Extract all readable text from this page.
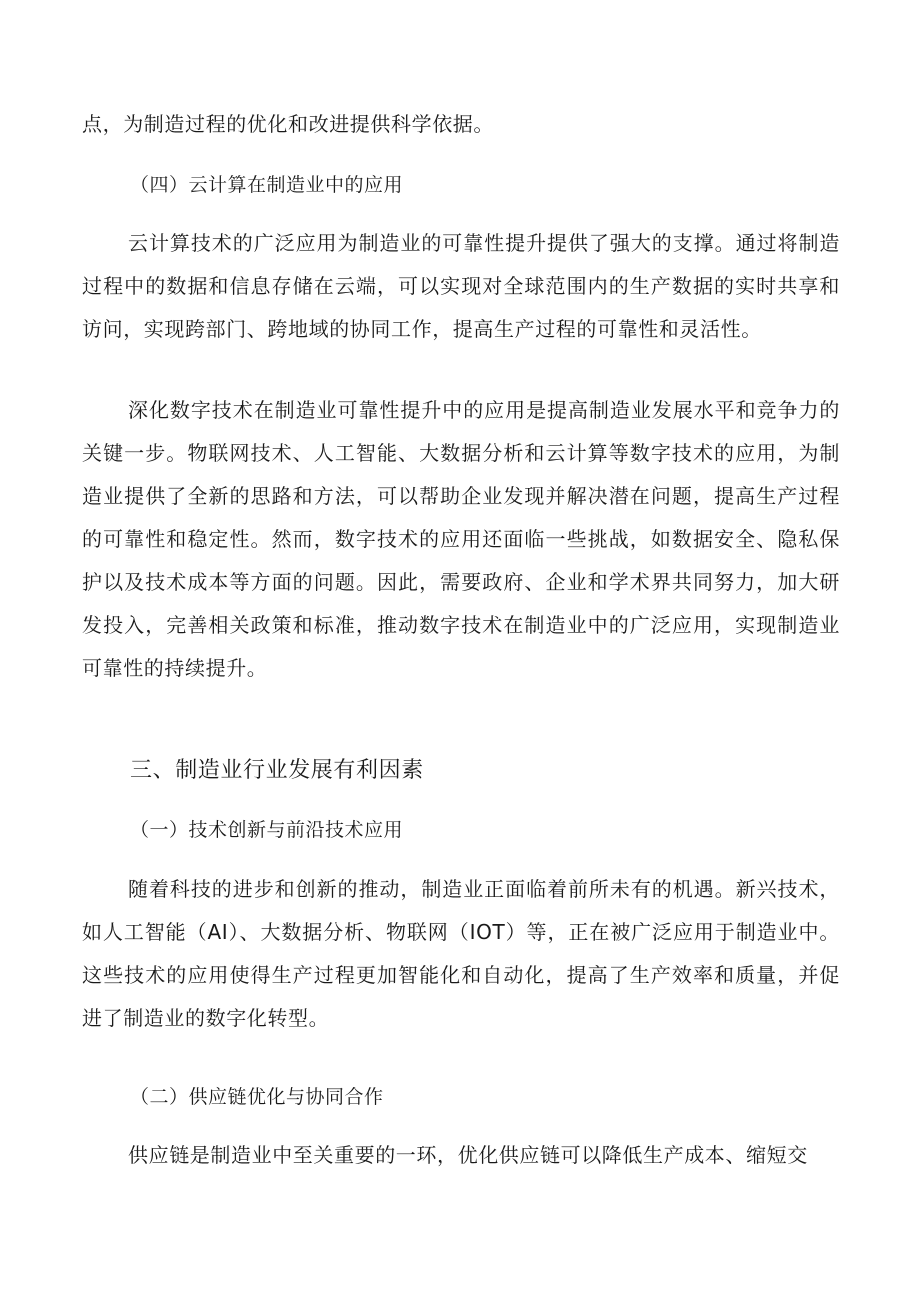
点，为制造过程的优化和改进提供科学依据。

（四）云计算在制造业中的应用

云计算技术的广泛应用为制造业的可靠性提升提供了强大的支撑。通过将制造过程中的数据和信息存储在云端，可以实现对全球范围内的生产数据的实时共享和访问，实现跨部门、跨地域的协同工作，提高生产过程的可靠性和灵活性。

深化数字技术在制造业可靠性提升中的应用是提高制造业发展水平和竞争力的关键一步。物联网技术、人工智能、大数据分析和云计算等数字技术的应用，为制造业提供了全新的思路和方法，可以帮助企业发现并解决潜在问题，提高生产过程的可靠性和稳定性。然而，数字技术的应用还面临一些挑战，如数据安全、隐私保护以及技术成本等方面的问题。因此，需要政府、企业和学术界共同努力，加大研发投入，完善相关政策和标准，推动数字技术在制造业中的广泛应用，实现制造业可靠性的持续提升。

三、制造业行业发展有利因素
（一）技术创新与前沿技术应用

随着科技的进步和创新的推动，制造业正面临着前所未有的机遇。新兴技术，如人工智能（AI）、大数据分析、物联网（IOT）等，正在被广泛应用于制造业中。这些技术的应用使得生产过程更加智能化和自动化，提高了生产效率和质量，并促进了制造业的数字化转型。

（二）供应链优化与协同合作

供应链是制造业中至关重要的一环，优化供应链可以降低生产成本、缩短交
